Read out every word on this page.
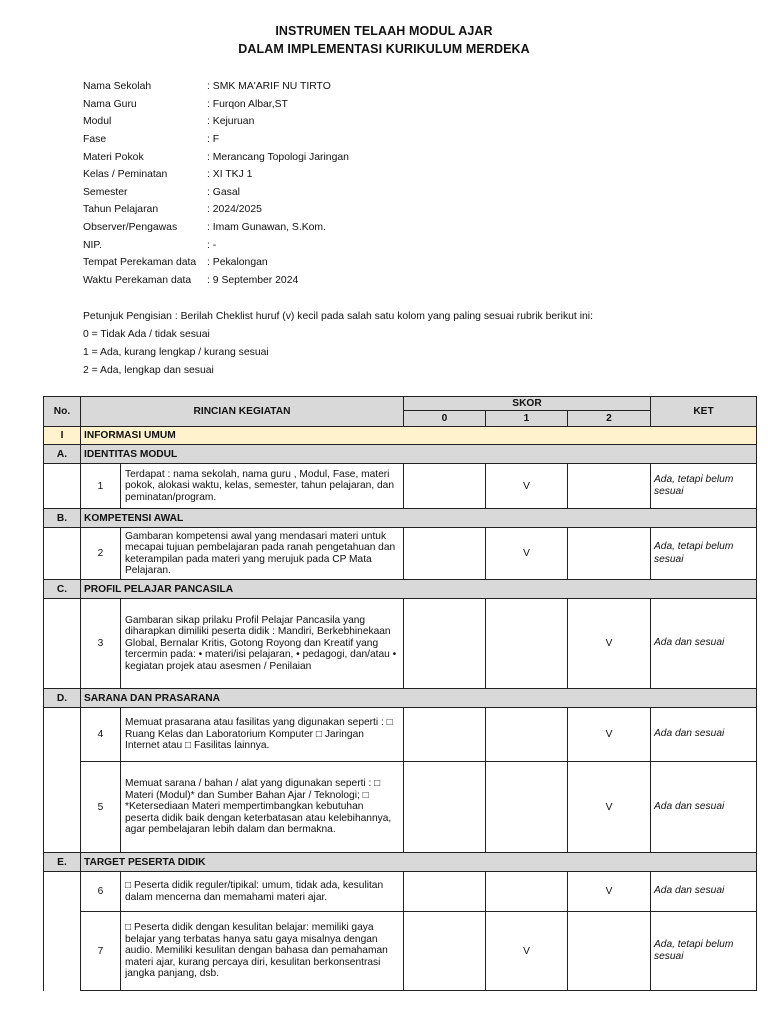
INSTRUMEN TELAAH MODUL AJAR
DALAM IMPLEMENTASI KURIKULUM MERDEKA
Nama Sekolah	: SMK MA'ARIF NU TIRTO
Nama Guru	: Furqon Albar,ST
Modul	: Kejuruan
Fase	: F
Materi Pokok	: Merancang Topologi Jaringan
Kelas / Peminatan	: XI TKJ 1
Semester	: Gasal
Tahun Pelajaran	: 2024/2025
Observer/Pengawas	: Imam Gunawan, S.Kom.
NIP.	: -
Tempat Perekaman data	: Pekalongan
Waktu Perekaman data	: 9 September 2024
Petunjuk Pengisian : Berilah Cheklist huruf (v) kecil pada salah satu kolom yang paling sesuai rubrik berikut ini:
0 = Tidak Ada / tidak sesuai
1 = Ada, kurang lengkap / kurang sesuai
2 = Ada, lengkap dan sesuai
No.	RINCIAN KEGIATAN		SKOR			KET
			0	1	2	
I	INFORMASI UMUM					
A.	IDENTITAS MODUL					
	1	Terdapat : nama sekolah, nama guru , Modul, Fase, materi pokok, alokasi waktu, kelas, semester, tahun pelajaran, dan peminatan/program.		V		Ada, tetapi belum sesuai
B.	KOMPETENSI AWAL					
	2	Gambaran kompetensi awal yang mendasari materi untuk mecapai tujuan pembelajaran pada ranah pengetahuan dan keterampilan pada materi yang merujuk pada CP Mata Pelajaran.		V		Ada, tetapi belum sesuai
C.	PROFIL PELAJAR PANCASILA					
	3	Gambaran sikap prilaku Profil Pelajar Pancasila yang diharapkan dimiliki peserta didik : Mandiri, Berkebhinekaan Global, Bernalar Kritis, Gotong Royong dan Kreatif yang tercermin pada: • materi/isi pelajaran, • pedagogi, dan/atau • kegiatan projek atau asesmen / Penilaian			V	Ada dan sesuai
D.	SARANA DAN PRASARANA					
	4	Memuat prasarana atau fasilitas yang digunakan seperti : □ Ruang Kelas dan Laboratorium Komputer □ Jaringan Internet atau □ Fasilitas lainnya.			V	Ada dan sesuai
	5	Memuat sarana / bahan / alat yang digunakan seperti : □ Materi (Modul)* dan Sumber Bahan Ajar / Teknologi; □ *Ketersediaan Materi mempertimbangkan kebutuhan peserta didik baik dengan keterbatasan atau kelebihannya, agar pembelajaran lebih dalam dan bermakna.			V	Ada dan sesuai
E.	TARGET PESERTA DIDIK					
	6	□ Peserta didik reguler/tipikal: umum, tidak ada, kesulitan dalam mencerna dan memahami materi ajar.			V	Ada dan sesuai
	7	□ Peserta didik dengan kesulitan belajar: memiliki gaya belajar yang terbatas hanya satu gaya misalnya dengan audio. Memiliki kesulitan dengan bahasa dan pemahaman materi ajar, kurang percaya diri, kesulitan berkonsentrasi jangka panjang, dsb.		V		Ada, tetapi belum sesuai
